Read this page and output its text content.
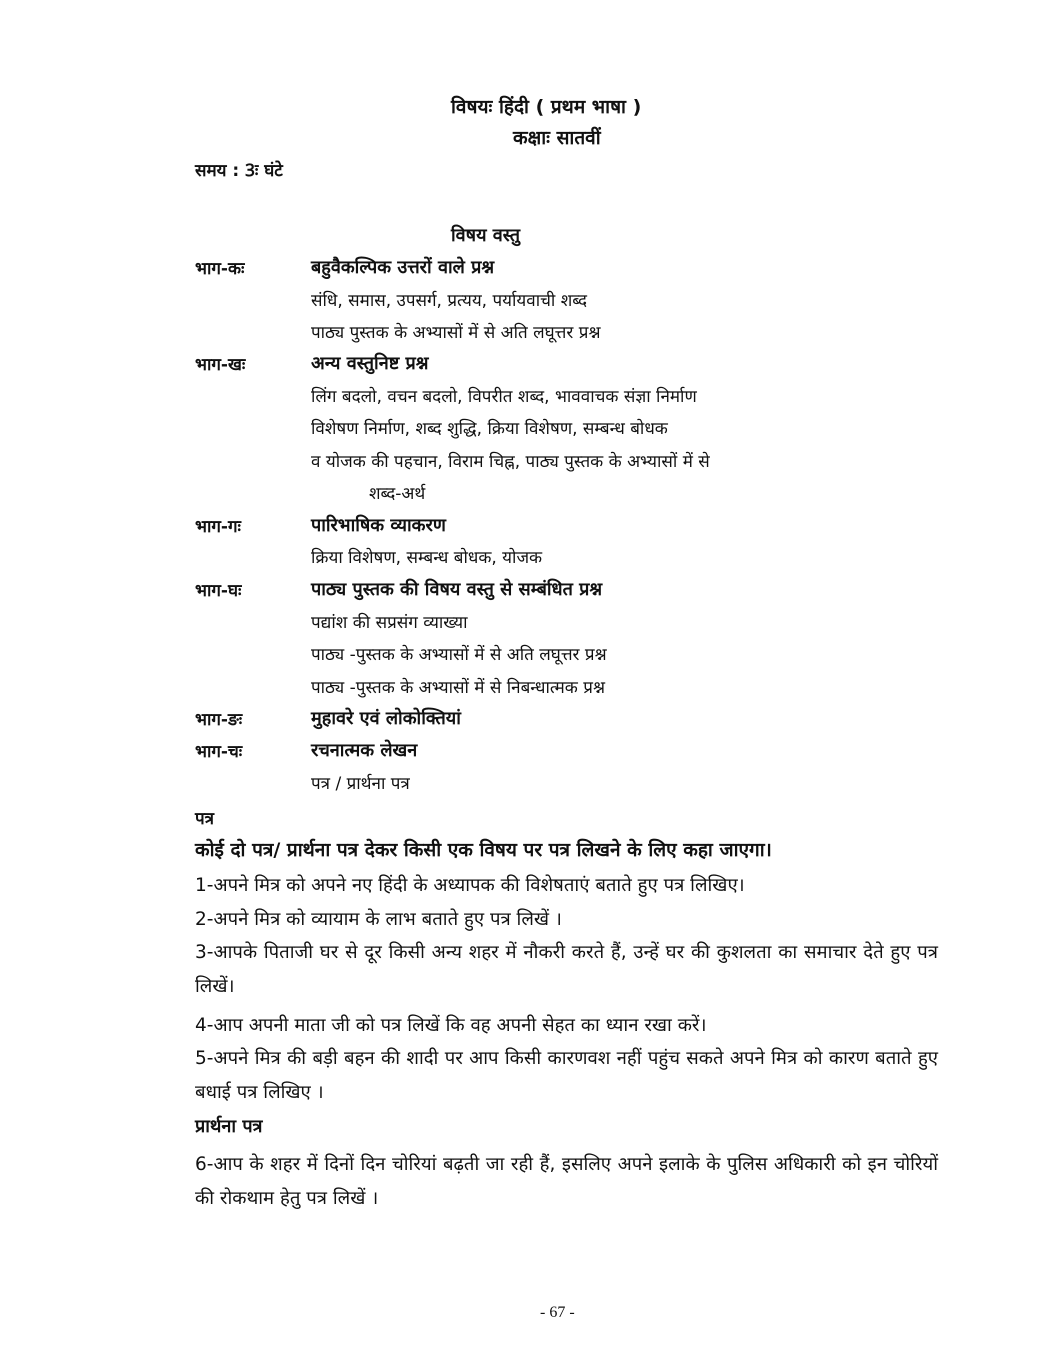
विषयः हिंदी ( प्रथम भाषा )
कक्षाः सातवीं
समय : 3ः घंटे
विषय वस्तु
भाग-कः	बहुवैकल्पिक उत्तरों वाले प्रश्न
संधि, समास, उपसर्ग, प्रत्यय, पर्यायवाची शब्द
पाठ्य पुस्तक के अभ्यासों में से अति लघूत्तर प्रश्न
भाग-खः	अन्य वस्तुनिष्ट प्रश्न
लिंग बदलो, वचन बदलो, विपरीत शब्द, भाववाचक संज्ञा निर्माण
विशेषण निर्माण, शब्द शुद्धि, क्रिया विशेषण, सम्बन्ध बोधक
व योजक की पहचान, विराम चिह्न, पाठ्य पुस्तक के अभ्यासों में से
शब्द-अर्थ
भाग-गः	पारिभाषिक व्याकरण
क्रिया विशेषण, सम्बन्ध बोधक, योजक
भाग-घः	पाठ्य पुस्तक की विषय वस्तु से सम्बंधित प्रश्न
पद्यांश की सप्रसंग व्याख्या
पाठ्य -पुस्तक के अभ्यासों में से अति लघूत्तर प्रश्न
पाठ्य -पुस्तक के अभ्यासों में से निबन्धात्मक प्रश्न
भाग-ङः	मुहावरे एवं लोकोक्तियां
भाग-चः	रचनात्मक लेखन
पत्र / प्रार्थना पत्र
पत्र
कोई दो पत्र/ प्रार्थना पत्र देकर किसी एक विषय पर पत्र लिखने के लिए कहा जाएगा।
1-अपने मित्र को अपने नए हिंदी के अध्यापक की विशेषताएं बताते हुए पत्र लिखिए।
2-अपने मित्र को व्यायाम के लाभ बताते हुए पत्र लिखें ।
3-आपके पिताजी घर से दूर किसी अन्य शहर में नौकरी करते हैं, उन्हें घर की कुशलता का समाचार देते हुए पत्र लिखें।
4-आप अपनी माता जी को पत्र लिखें कि वह अपनी सेहत का ध्यान रखा करें।
5-अपने मित्र की बड़ी बहन की शादी पर आप किसी कारणवश नहीं पहुंच सकते अपने मित्र को कारण बताते हुए बधाई पत्र लिखिए ।
प्रार्थना पत्र
6-आप के शहर में दिनों दिन चोरियां बढ़ती जा रही हैं, इसलिए अपने इलाके के पुलिस अधिकारी को इन चोरियों की रोकथाम हेतु पत्र लिखें ।
- 67 -
